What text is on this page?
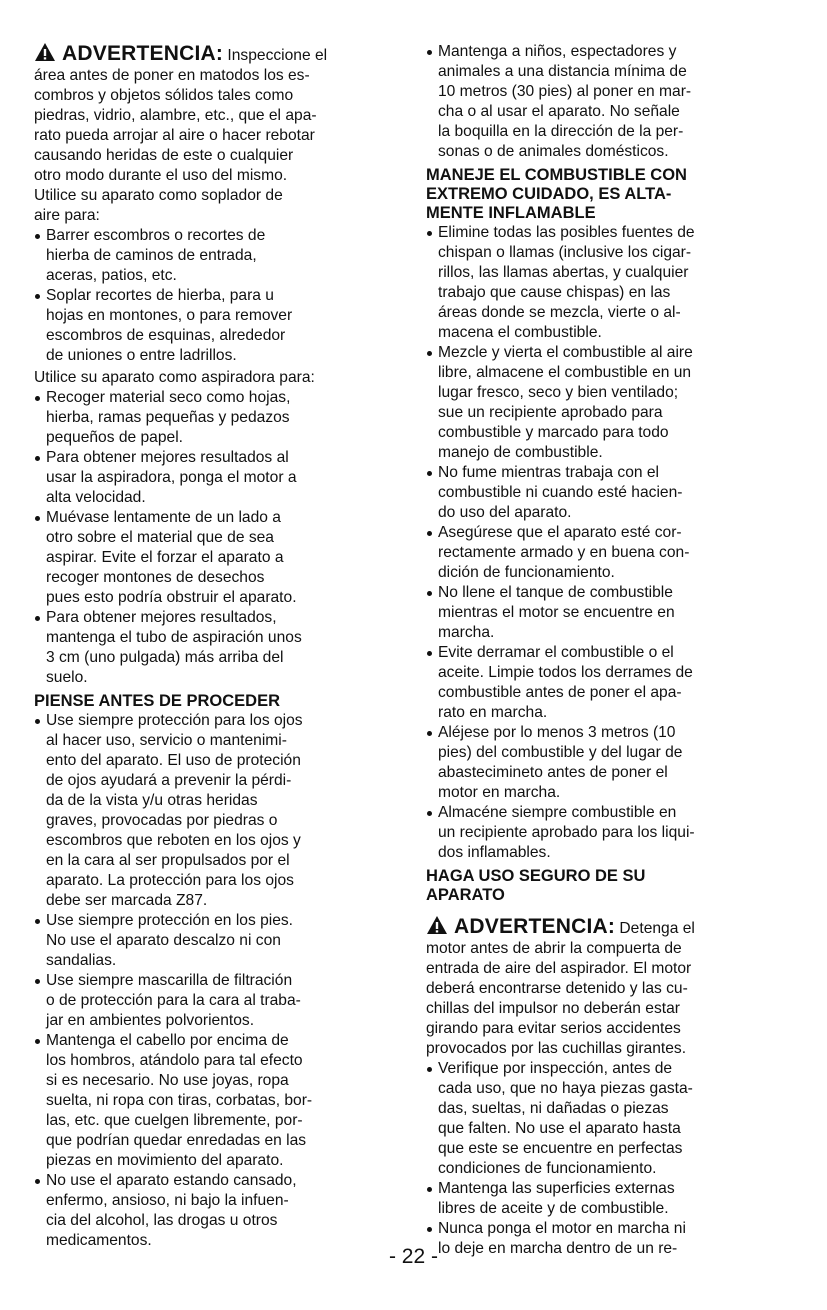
ADVERTENCIA: Inspeccione el
área antes de poner en matodos los es-
combros y objetos sólidos tales como
piedras, vidrio, alambre, etc., que el apa-
rato pueda arrojar al aire o hacer rebotar
causando heridas de este o cualquier
otro modo durante el uso del mismo.

Utilice su aparato como soplador de
aire para:

Barrer escombros o recortes de
hierba de caminos de entrada,
aceras, patios, etc.
Soplar recortes de hierba, para u
hojas en montones, o para remover
escombros de esquinas, alrededor
de uniones o entre ladrillos.

Utilice su aparato como aspiradora para:

Recoger material seco como hojas,
hierba, ramas pequeñas y pedazos
pequeños de papel.
Para obtener mejores resultados al
usar la aspiradora, ponga el motor a
alta velocidad.
Muévase lentamente de un lado a
otro sobre el material que de sea
aspirar. Evite el forzar el aparato a
recoger montones de desechos
pues esto podría obstruir el aparato.
Para obtener mejores resultados,
mantenga el tubo de aspiración unos
3 cm (uno pulgada) más arriba del
suelo.
PIENSE ANTES DE PROCEDER
Use siempre protección para los ojos
al hacer uso, servicio o mantenimi-
ento del aparato. El uso de proteción
de ojos ayudará a prevenir la pérdi-
da de la vista y/u otras heridas
graves, provocadas por piedras o
escombros que reboten en los ojos y
en la cara al ser propulsados por el
aparato. La protección para los ojos
debe ser marcada Z87.
Use siempre protección en los pies.
No use el aparato descalzo ni con
sandalias.
Use siempre mascarilla de filtración
o de protección para la cara al traba-
jar en ambientes polvorientos.
Mantenga el cabello por encima de
los hombros, atándolo para tal efecto
si es necesario. No use joyas, ropa
suelta, ni ropa con tiras, corbatas, bor-
las, etc. que cuelgen libremente, por-
que podrían quedar enredadas en las
piezas en movimiento del aparato.
No use el aparato estando cansado,
enfermo, ansioso, ni bajo la infuen-
cia del alcohol, las drogas u otros
medicamentos.
Mantenga a niños, espectadores y
animales a una distancia mínima de
10 metros (30 pies) al poner en mar-
cha o al usar el aparato. No señale
la boquilla en la dirección de la per-
sonas o de animales domésticos.
MANEJE EL COMBUSTIBLE CON
EXTREMO CUIDADO, ES ALTA-
MENTE INFLAMABLE
Elimine todas las posibles fuentes de
chispan o llamas (inclusive los cigar-
rillos, las llamas abertas, y cualquier
trabajo que cause chispas) en las
áreas donde se mezcla, vierte o al-
macena el combustible.
Mezcle y vierta el combustible al aire
libre, almacene el combustible en un
lugar fresco, seco y bien ventilado;
sue un recipiente aprobado para
combustible y marcado para todo
manejo de combustible.
No fume mientras trabaja con el
combustible ni cuando esté hacien-
do uso del aparato.
Asegúrese que el aparato esté cor-
rectamente armado y en buena con-
dición de funcionamiento.
No llene el tanque de combustible
mientras el motor se encuentre en
marcha.
Evite derramar el combustible o el
aceite. Limpie todos los derrames de
combustible antes de poner el apa-
rato en marcha.
Aléjese por lo menos 3 metros (10
pies) del combustible y del lugar de
abastecimineto antes de poner el
motor en marcha.
Almacéne siempre combustible en
un recipiente aprobado para los liqui-
dos inflamables.
HAGA USO SEGURO DE SU
APARATO

ADVERTENCIA: Detenga el
motor antes de abrir la compuerta de
entrada de aire del aspirador. El motor
deberá encontrarse detenido y las cu-
chillas del impulsor no deberán estar
girando para evitar serios accidentes
provocados por las cuchillas girantes.

Verifique por inspección, antes de
cada uso, que no haya piezas gasta-
das, sueltas, ni dañadas o piezas
que falten. No use el aparato hasta
que este se encuentre en perfectas
condiciones de funcionamiento.
Mantenga las superficies externas
libres de aceite y de combustible.
Nunca ponga el motor en marcha ni
lo deje en marcha dentro de un re-
- 22 -
